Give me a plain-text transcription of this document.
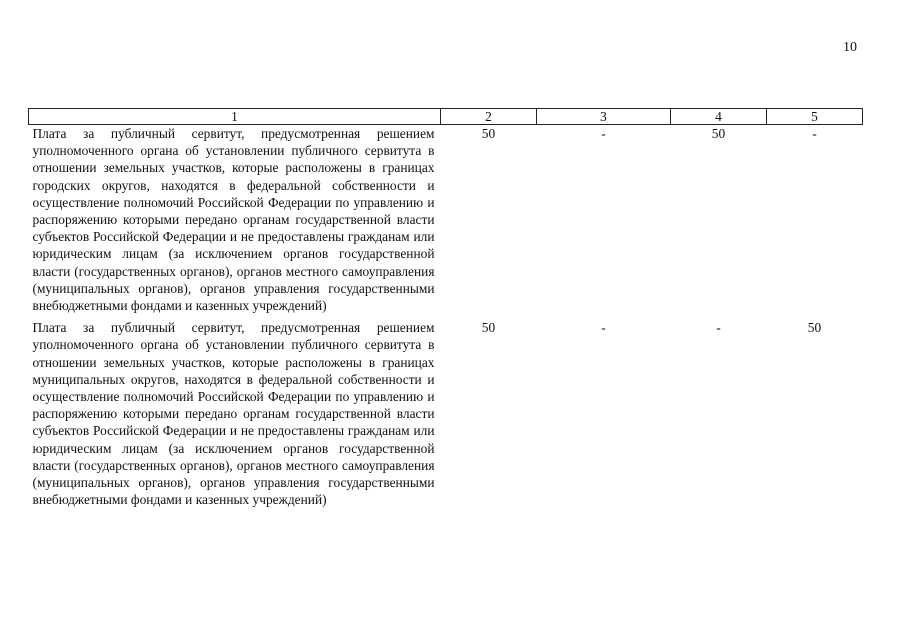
10
1	2	3	4	5
Плата за публичный сервитут, предусмотренная решением уполномоченного органа об установлении публичного сервитута в отношении земельных участков, которые расположены в границах городских округов, находятся в федеральной собственности и осуществление полномочий Российской Федерации по управлению и распоряжению которыми передано органам государственной власти субъектов Российской Федерации и не предоставлены гражданам или юридическим лицам (за исключением органов государственной власти (государственных органов), органов местного самоуправления (муниципальных органов), органов управления государственными внебюджетными фондами и казенных учреждений)	50	-	50	-
Плата за публичный сервитут, предусмотренная решением уполномоченного органа об установлении публичного сервитута в отношении земельных участков, которые расположены в границах муниципальных округов, находятся в федеральной собственности и осуществление полномочий Российской Федерации по управлению и распоряжению которыми передано органам государственной власти субъектов Российской Федерации и не предоставлены гражданам или юридическим лицам (за исключением органов государственной власти (государственных органов), органов местного самоуправления (муниципальных органов), органов управления государственными внебюджетными фондами и казенных учреждений)	50	-	-	50
